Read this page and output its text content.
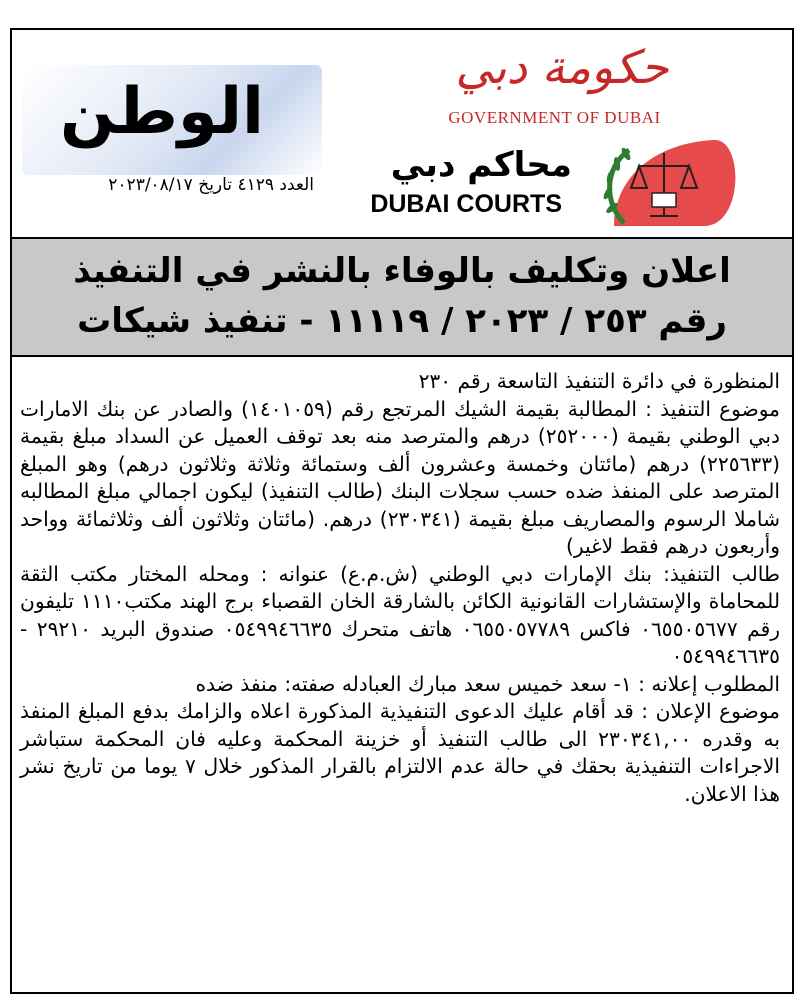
الوطن
العدد ٤١٢٩ تاريخ ٢٠٢٣/٠٨/١٧
حكومة دبي
GOVERNMENT OF DUBAI
محاكم دبي
DUBAI COURTS
اعلان وتكليف بالوفاء بالنشر في التنفيذ
رقم ٢٥٣ / ٢٠٢٣ / ١١١١٩ - تنفيذ شيكات

المنظورة في دائرة التنفيذ التاسعة رقم ٢٣٠

موضوع التنفيذ : المطالبة بقيمة الشيك المرتجع رقم (١٤٠١٠٥٩) والصادر عن بنك الامارات دبي الوطني بقيمة (٢٥٢٠٠٠) درهم والمترصد منه بعد توقف العميل عن السداد مبلغ بقيمة (٢٢٥٦٣٣) درهم (مائتان وخمسة وعشرون ألف وستمائة وثلاثة وثلاثون درهم) وهو المبلغ المترصد على المنفذ ضده حسب سجلات البنك (طالب التنفيذ) ليكون اجمالي مبلغ المطالبه شاملا الرسوم والمصاريف مبلغ بقيمة (٢٣٠٣٤١) درهم. (مائتان وثلاثون ألف وثلاثمائة وواحد وأربعون درهم فقط لاغير)

طالب التنفيذ: بنك الإمارات دبي الوطني (ش.م.ع) عنوانه : ومحله المختار مكتب الثقة للمحاماة والإستشارات القانونية الكائن بالشارقة الخان القصباء برج الهند مكتب١١١٠ تليفون رقم ٠٦٥٥٠٥٦٧٧ فاكس ٠٦٥٥٠٥٧٧٨٩ هاتف متحرك ٠٥٤٩٩٤٦٦٣٥ صندوق البريد ٢٩٢١٠ - ٠٥٤٩٩٤٦٦٣٥

المطلوب إعلانه : ١- سعد خميس سعد مبارك العبادله صفته: منفذ ضده

موضوع الإعلان : قد أقام عليك الدعوى التنفيذية المذكورة اعلاه والزامك بدفع المبلغ المنفذ به وقدره ٢٣٠٣٤١,٠٠ الى طالب التنفيذ أو خزينة المحكمة وعليه فان المحكمة ستباشر الاجراءات التنفيذية بحقك في حالة عدم الالتزام بالقرار المذكور خلال ٧ يوما من تاريخ نشر هذا الاعلان.
